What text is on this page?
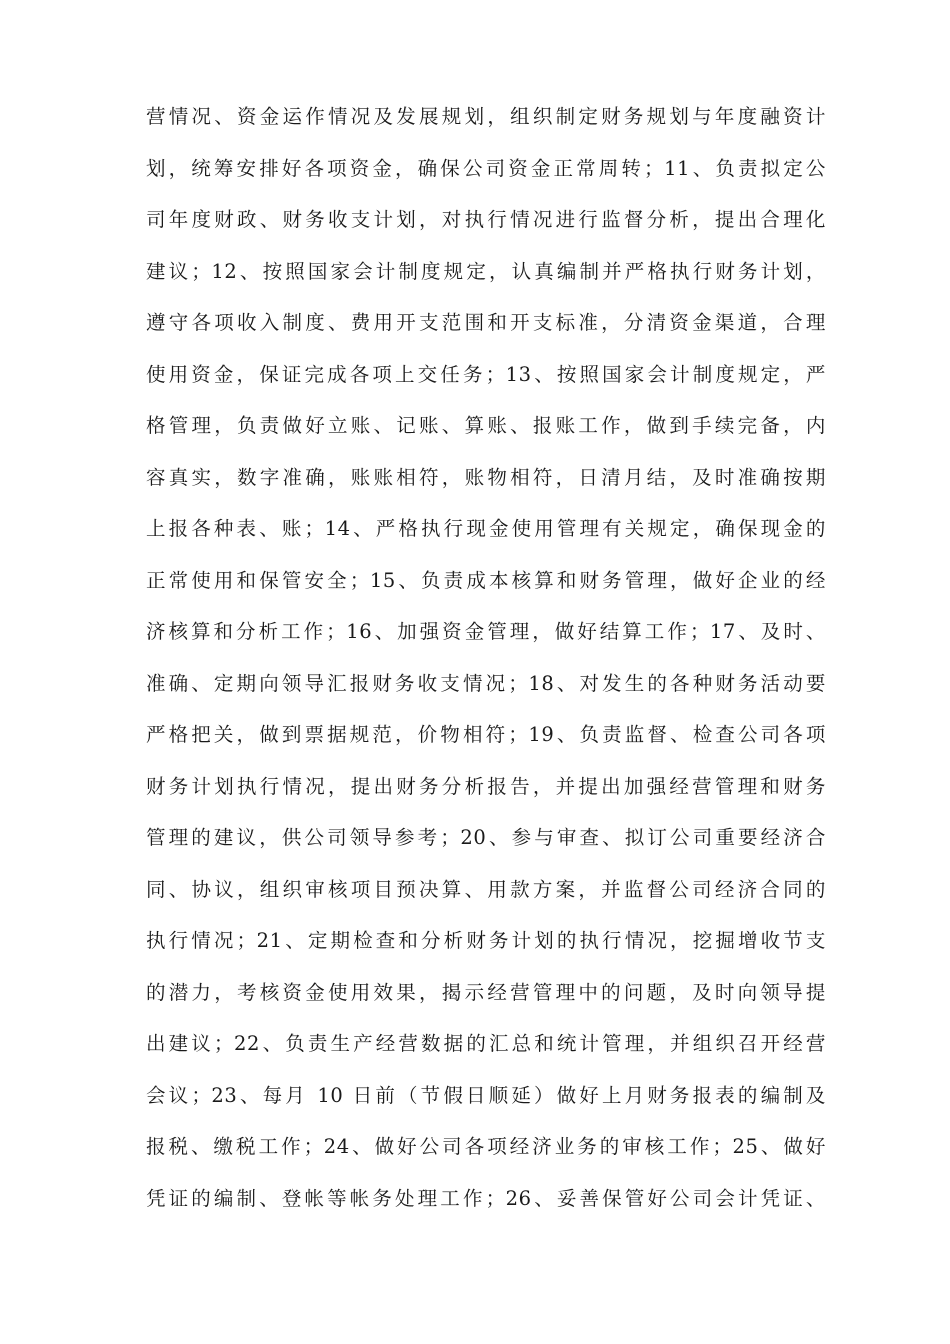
营情况、资金运作情况及发展规划，组织制定财务规划与年度融资计
划，统筹安排好各项资金，确保公司资金正常周转；11、负责拟定公
司年度财政、财务收支计划，对执行情况进行监督分析，提出合理化
建议；12、按照国家会计制度规定，认真编制并严格执行财务计划，
遵守各项收入制度、费用开支范围和开支标准，分清资金渠道，合理
使用资金，保证完成各项上交任务；13、按照国家会计制度规定，严
格管理，负责做好立账、记账、算账、报账工作，做到手续完备，内
容真实，数字准确，账账相符，账物相符，日清月结，及时准确按期
上报各种表、账；14、严格执行现金使用管理有关规定，确保现金的
正常使用和保管安全；15、负责成本核算和财务管理，做好企业的经
济核算和分析工作；16、加强资金管理，做好结算工作；17、及时、
准确、定期向领导汇报财务收支情况；18、对发生的各种财务活动要
严格把关，做到票据规范，价物相符；19、负责监督、检查公司各项
财务计划执行情况，提出财务分析报告，并提出加强经营管理和财务
管理的建议，供公司领导参考；20、参与审查、拟订公司重要经济合
同、协议，组织审核项目预决算、用款方案，并监督公司经济合同的
执行情况；21、定期检查和分析财务计划的执行情况，挖掘增收节支
的潜力，考核资金使用效果，揭示经营管理中的问题，及时向领导提
出建议；22、负责生产经营数据的汇总和统计管理，并组织召开经营
会议；23、每月 10 日前（节假日顺延）做好上月财务报表的编制及
报税、缴税工作；24、做好公司各项经济业务的审核工作；25、做好
凭证的编制、登帐等帐务处理工作；26、妥善保管好公司会计凭证、
